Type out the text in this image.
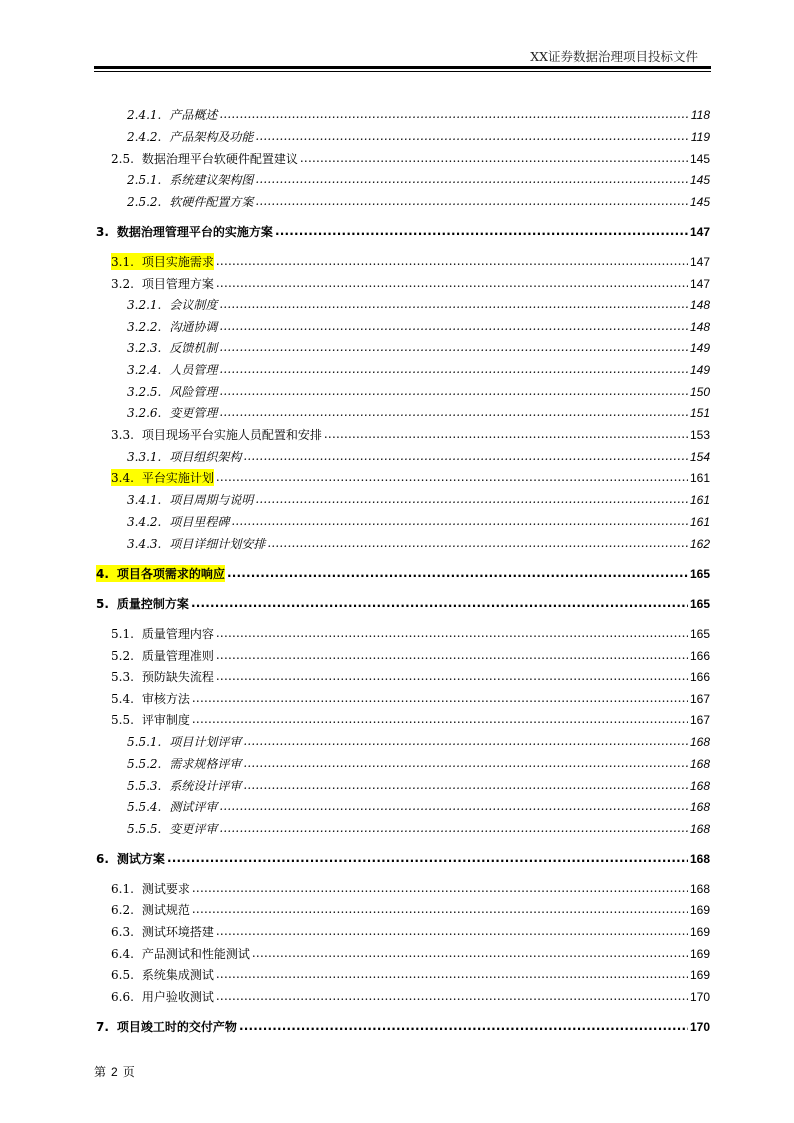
XX证券数据治理项目投标文件
2.4.1. 产品概述 .....	118
2.4.2. 产品架构及功能 .....	119
2.5. 数据治理平台软硬件配置建议 .....	145
2.5.1. 系统建议架构图 .....	145
2.5.2. 软硬件配置方案 .....	145
3. 数据治理管理平台的实施方案 .....	147
3.1. 项目实施需求 .....	147
3.2. 项目管理方案 .....	147
3.2.1. 会议制度 .....	148
3.2.2. 沟通协调 .....	148
3.2.3. 反馈机制 .....	149
3.2.4. 人员管理 .....	149
3.2.5. 风险管理 .....	150
3.2.6. 变更管理 .....	151
3.3. 项目现场平台实施人员配置和安排 .....	153
3.3.1. 项目组织架构 .....	154
3.4. 平台实施计划 .....	161
3.4.1. 项目周期与说明 .....	161
3.4.2. 项目里程碑 .....	161
3.4.3. 项目详细计划安排 .....	162
4. 项目各项需求的响应 .....	165
5. 质量控制方案 .....	165
5.1. 质量管理内容 .....	165
5.2. 质量管理准则 .....	166
5.3. 预防缺失流程 .....	166
5.4. 审核方法 .....	167
5.5. 评审制度 .....	167
5.5.1. 项目计划评审 .....	168
5.5.2. 需求规格评审 .....	168
5.5.3. 系统设计评审 .....	168
5.5.4. 测试评审 .....	168
5.5.5. 变更评审 .....	168
6. 测试方案 .....	168
6.1. 测试要求 .....	168
6.2. 测试规范 .....	169
6.3. 测试环境搭建 .....	169
6.4. 产品测试和性能测试 .....	169
6.5. 系统集成测试 .....	169
6.6. 用户验收测试 .....	170
7. 项目竣工时的交付产物 .....	170
第 2 页
